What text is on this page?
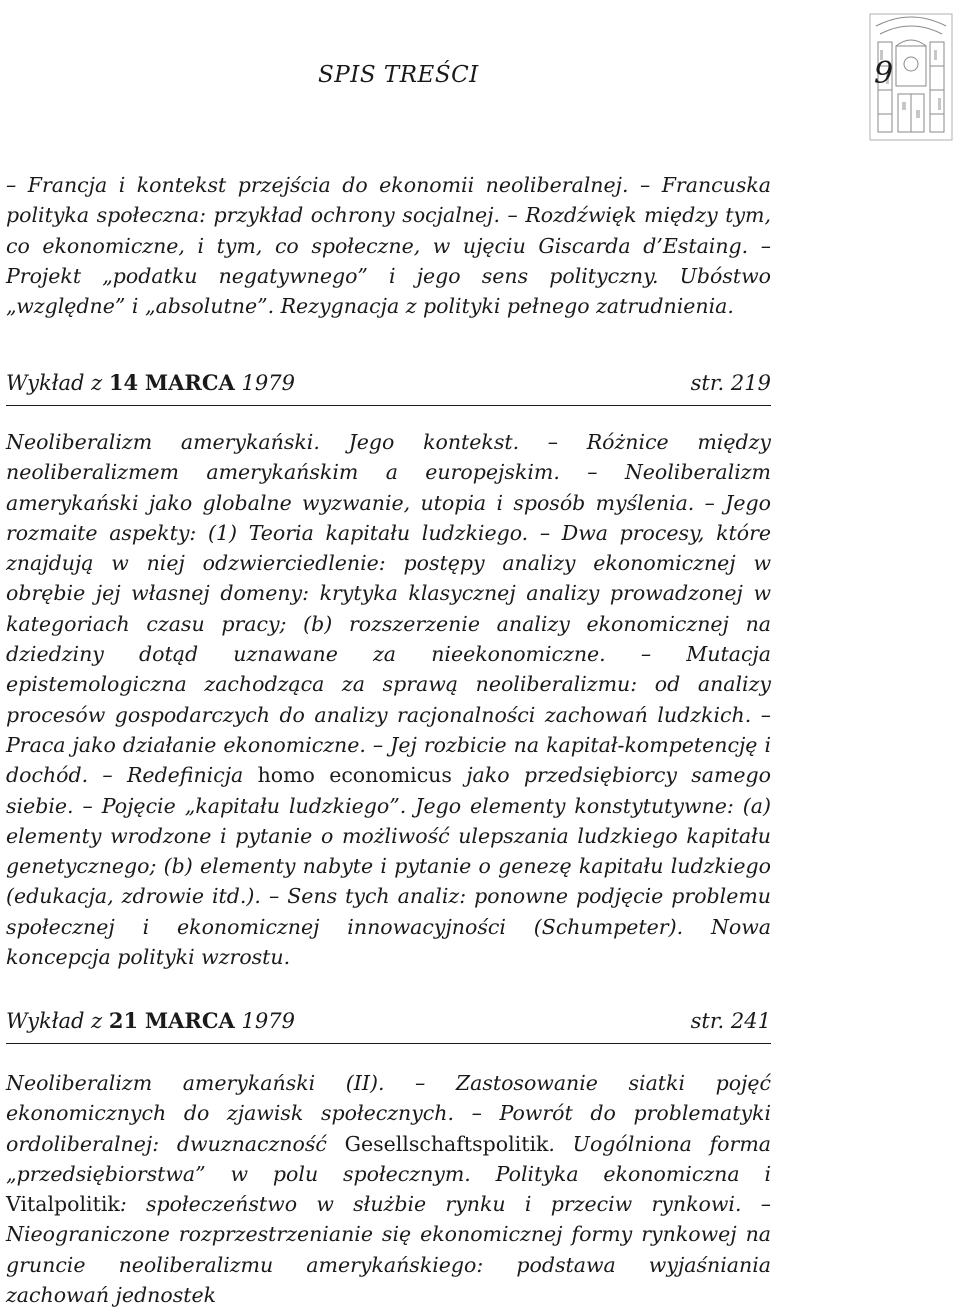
SPIS TREŚCI	9

– Francja i kontekst przejścia do ekonomii neoliberalnej. – Francuska polityka społeczna: przykład ochrony socjalnej. – Rozdźwięk między tym, co ekonomiczne, i tym, co społeczne, w ujęciu Giscarda d’Estaing. – Projekt „podatku negatywnego” i jego sens polityczny. Ubóstwo „względne” i „absolutne”. Rezygnacja z polityki pełnego zatrudnienia.

Wykład z 14 MARCA 1979	str. 219

Neoliberalizm amerykański. Jego kontekst. – Różnice między neoliberalizmem amerykańskim a europejskim. – Neoliberalizm amerykański jako globalne wyzwanie, utopia i sposób myślenia. – Jego rozmaite aspekty: (1) Teoria kapitału ludzkiego. – Dwa procesy, które znajdują w niej odzwierciedlenie: postępy analizy ekonomicznej w obrębie jej własnej domeny: krytyka klasycznej analizy prowadzonej w kategoriach czasu pracy; (b) rozszerzenie analizy ekonomicznej na dziedziny dotąd uznawane za nieekonomiczne. – Mutacja epistemologiczna zachodząca za sprawą neoliberalizmu: od analizy procesów gospodarczych do analizy racjonalności zachowań ludzkich. – Praca jako działanie ekonomiczne. – Jej rozbicie na kapitał-kompetencję i dochód. – Redefinicja homo economicus jako przedsiębiorcy samego siebie. – Pojęcie „kapitału ludzkiego”. Jego elementy konstytutywne: (a) elementy wrodzone i pytanie o możliwość ulepszania ludzkiego kapitału genetycznego; (b) elementy nabyte i pytanie o genezę kapitału ludzkiego (edukacja, zdrowie itd.). – Sens tych analiz: ponowne podjęcie problemu społecznej i ekonomicznej innowacyjności (Schumpeter). Nowa koncepcja polityki wzrostu.

Wykład z 21 MARCA 1979	str. 241

Neoliberalizm amerykański (II). – Zastosowanie siatki pojęć ekonomicznych do zjawisk społecznych. – Powrót do problematyki ordoliberalnej: dwuznaczność Gesellschaftspolitik. Uogólniona forma „przedsiębiorstwa” w polu społecznym. Polityka ekonomiczna i Vitalpolitik: społeczeństwo w służbie rynku i przeciw rynkowi. – Nieograniczone rozprzestrzenianie się ekonomicznej formy rynkowej na gruncie neoliberalizmu amerykańskiego: podstawa wyjaśniania zachowań jednostek
